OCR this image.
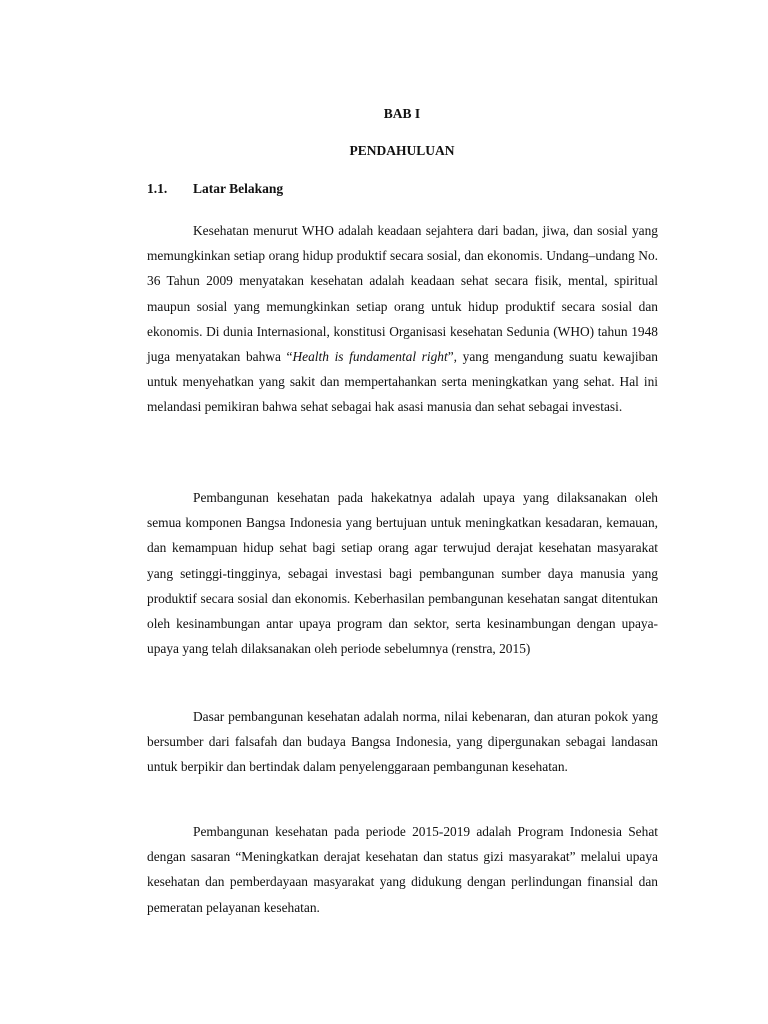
BAB I
PENDAHULUAN
1.1. Latar Belakang

Kesehatan menurut WHO adalah keadaan sejahtera dari badan, jiwa, dan sosial yang memungkinkan setiap orang hidup produktif secara sosial, dan ekonomis. Undang–undang No. 36 Tahun 2009 menyatakan kesehatan adalah keadaan sehat secara fisik, mental, spiritual maupun sosial yang memungkinkan setiap orang untuk hidup produktif secara sosial dan ekonomis. Di dunia Internasional, konstitusi Organisasi kesehatan Sedunia (WHO) tahun 1948 juga menyatakan bahwa “Health is fundamental right”, yang mengandung suatu kewajiban untuk menyehatkan yang sakit dan mempertahankan serta meningkatkan yang sehat. Hal ini melandasi pemikiran bahwa sehat sebagai hak asasi manusia dan sehat sebagai investasi.

Pembangunan kesehatan pada hakekatnya adalah upaya yang dilaksanakan oleh semua komponen Bangsa Indonesia yang bertujuan untuk meningkatkan kesadaran, kemauan, dan kemampuan hidup sehat bagi setiap orang agar terwujud derajat kesehatan masyarakat yang setinggi-tingginya, sebagai investasi bagi pembangunan sumber daya manusia yang produktif secara sosial dan ekonomis. Keberhasilan pembangunan kesehatan sangat ditentukan oleh kesinambungan antar upaya program dan sektor, serta kesinambungan dengan upaya-upaya yang telah dilaksanakan oleh periode sebelumnya (renstra, 2015)

Dasar pembangunan kesehatan adalah norma, nilai kebenaran, dan aturan pokok yang bersumber dari falsafah dan budaya Bangsa Indonesia, yang dipergunakan sebagai landasan untuk berpikir dan bertindak dalam penyelenggaraan pembangunan kesehatan.

Pembangunan kesehatan pada periode 2015-2019 adalah Program Indonesia Sehat dengan sasaran “Meningkatkan derajat kesehatan dan status gizi masyarakat” melalui upaya kesehatan dan pemberdayaan masyarakat yang didukung dengan perlindungan finansial dan pemeratan pelayanan kesehatan.
